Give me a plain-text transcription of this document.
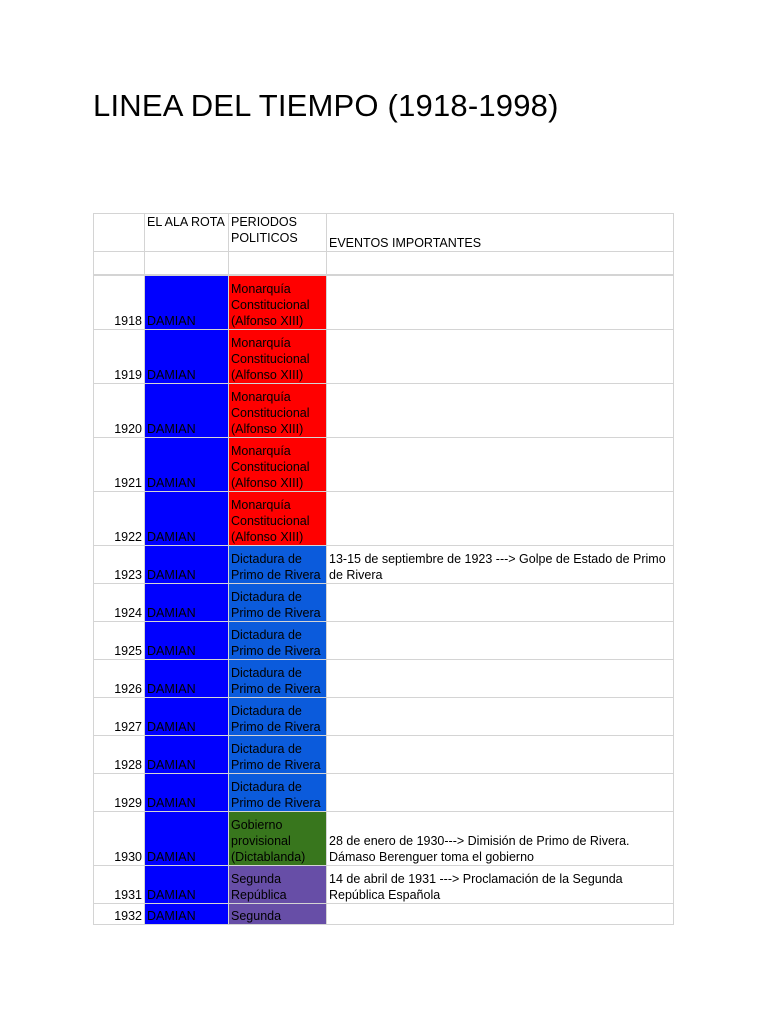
LINEA DEL TIEMPO (1918-1998)
	EL ALA ROTA	PERIODOS POLITICOS	EVENTOS IMPORTANTES

1918	DAMIAN	Monarquía Constitucional (Alfonso XIII)	
1919	DAMIAN	Monarquía Constitucional (Alfonso XIII)	
1920	DAMIAN	Monarquía Constitucional (Alfonso XIII)	
1921	DAMIAN	Monarquía Constitucional (Alfonso XIII)	
1922	DAMIAN	Monarquía Constitucional (Alfonso XIII)	
1923	DAMIAN	Dictadura de Primo de Rivera	13-15 de septiembre de 1923 ---> Golpe de Estado de Primo de Rivera
1924	DAMIAN	Dictadura de Primo de Rivera	
1925	DAMIAN	Dictadura de Primo de Rivera	
1926	DAMIAN	Dictadura de Primo de Rivera	
1927	DAMIAN	Dictadura de Primo de Rivera	
1928	DAMIAN	Dictadura de Primo de Rivera	
1929	DAMIAN	Dictadura de Primo de Rivera	
1930	DAMIAN	Gobierno provisional (Dictablanda)	28 de enero de 1930---> Dimisión de Primo de Rivera. Dámaso Berenguer toma el gobierno
1931	DAMIAN	Segunda República	14 de abril de 1931 ---> Proclamación de la Segunda República Española
1932	DAMIAN	Segunda	
